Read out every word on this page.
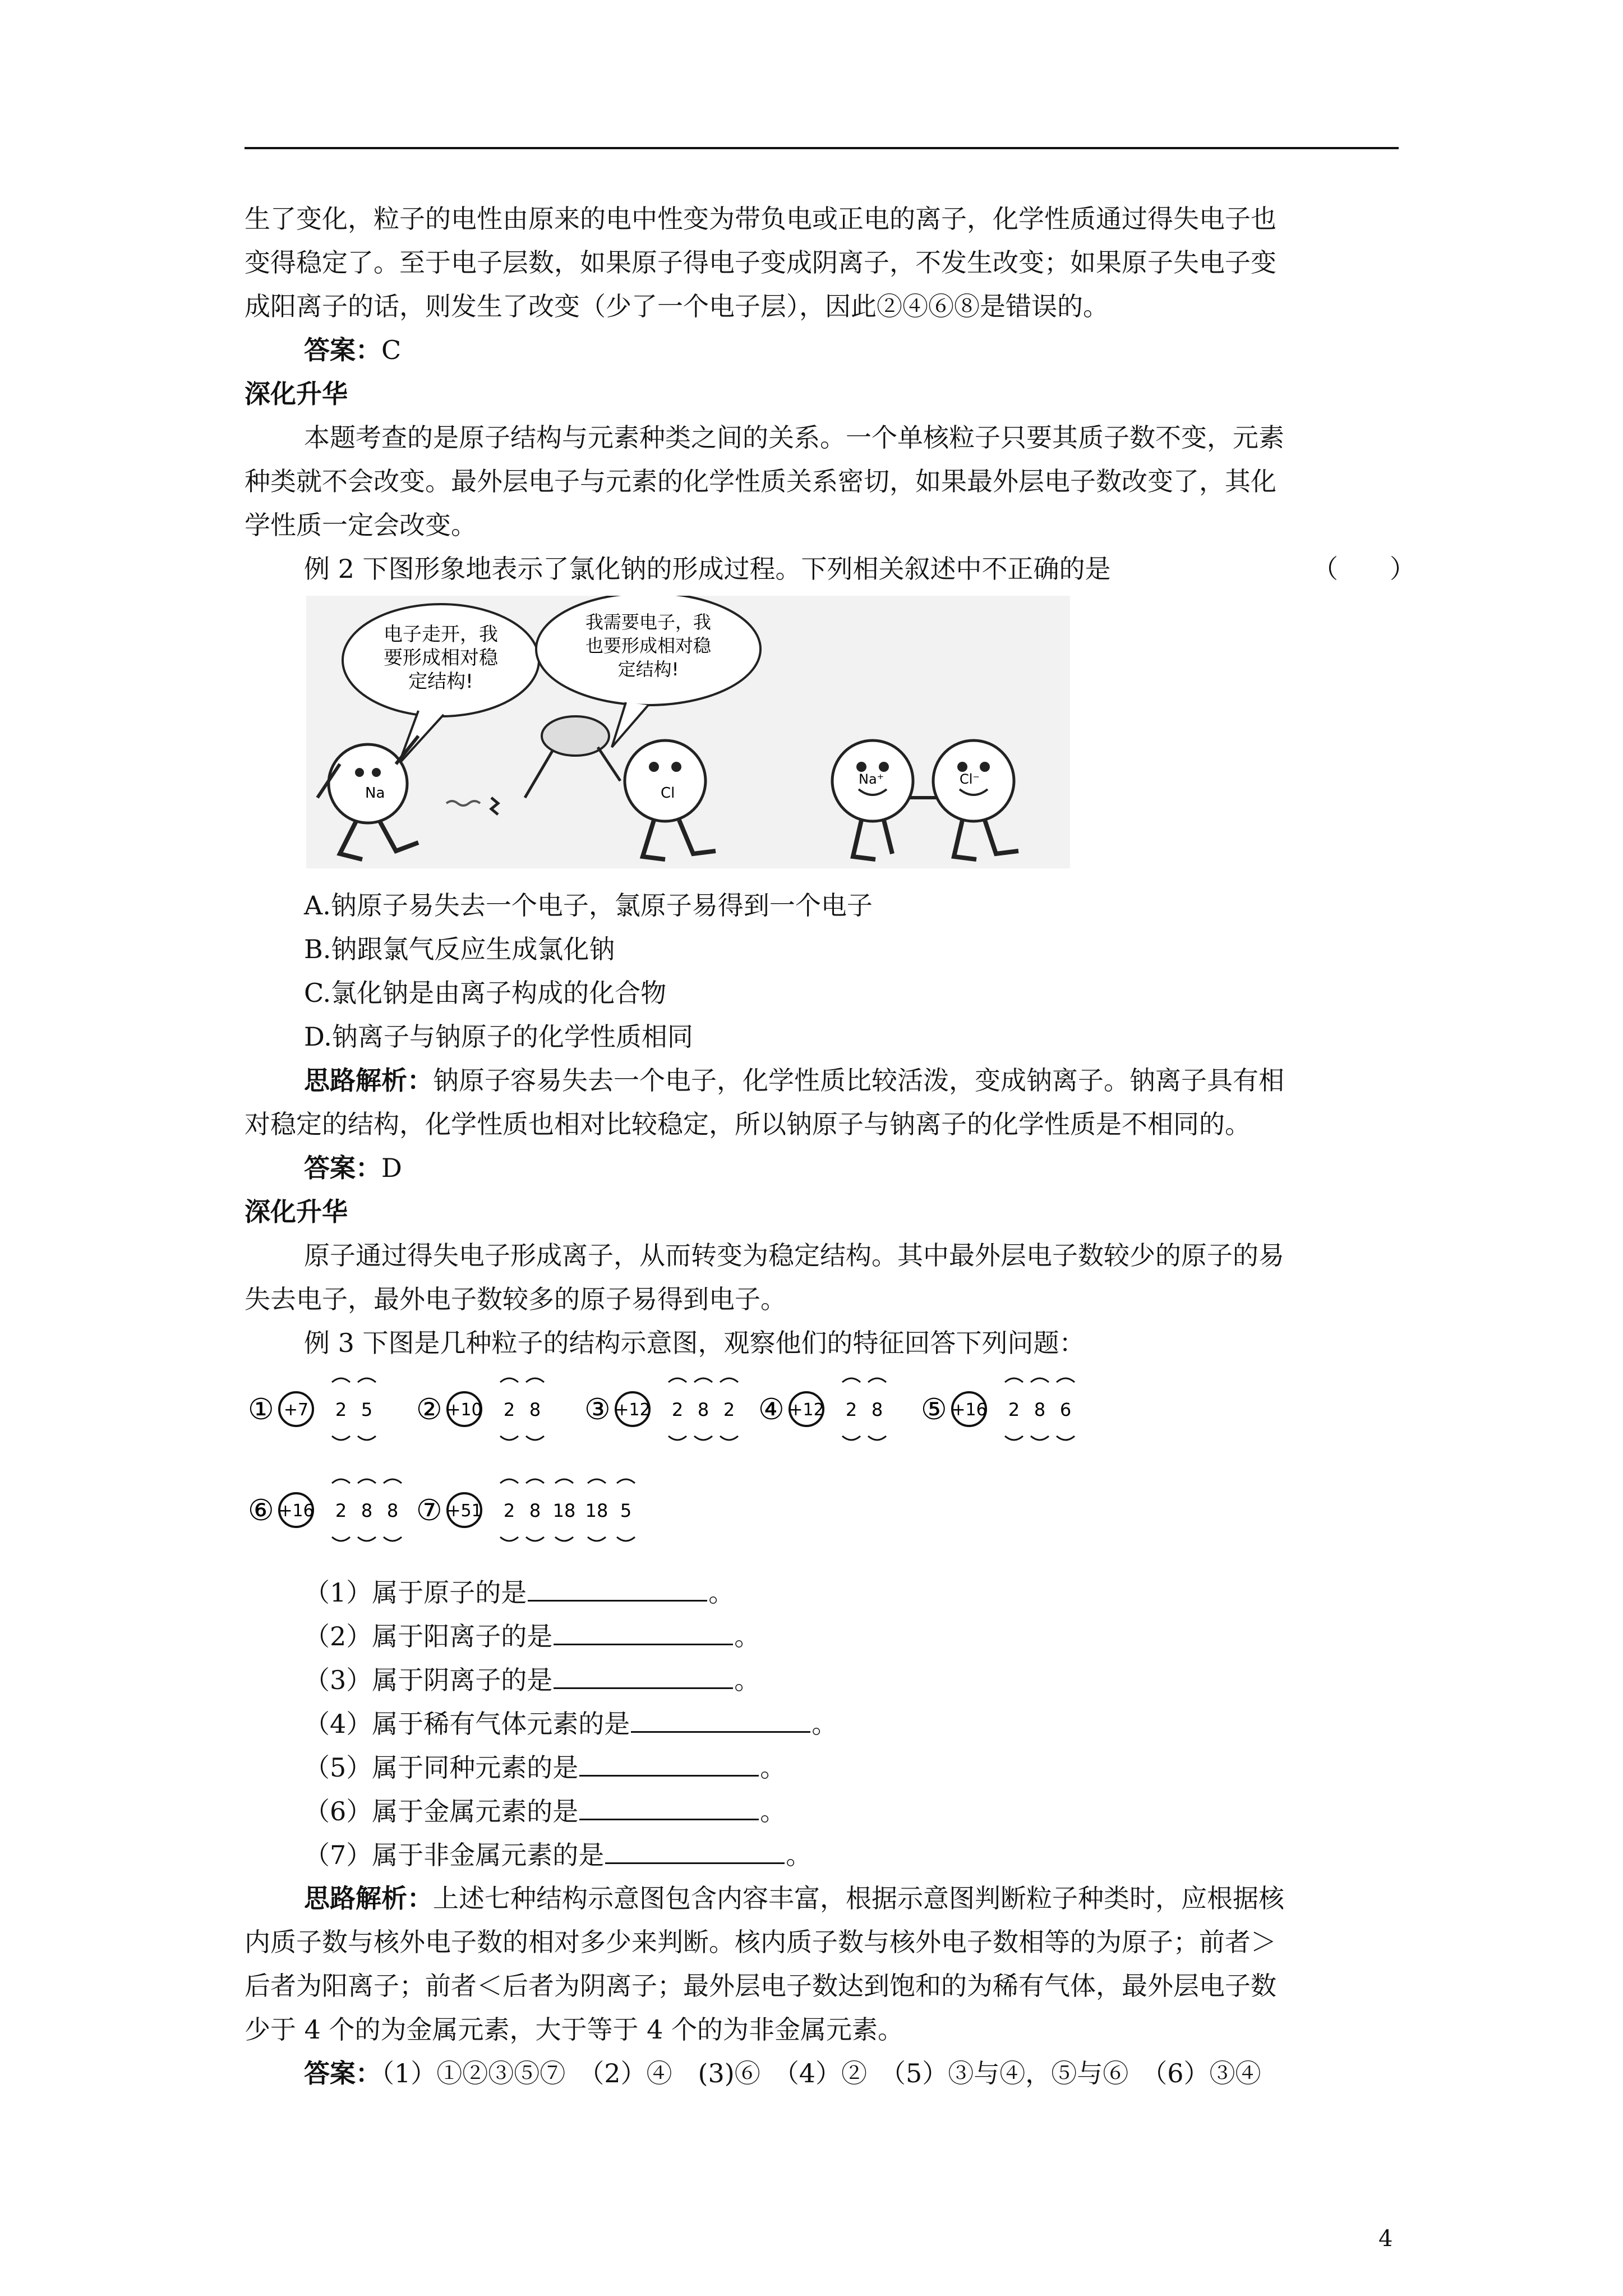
生了变化，粒子的电性由原来的电中性变为带负电或正电的离子，化学性质通过得失电子也
变得稳定了。至于电子层数，如果原子得电子变成阴离子，不发生改变；如果原子失电子变
成阳离子的话，则发生了改变（少了一个电子层），因此②④⑥⑧是错误的。
答案：C
深化升华
本题考查的是原子结构与元素种类之间的关系。一个单核粒子只要其质子数不变，元素
种类就不会改变。最外层电子与元素的化学性质关系密切，如果最外层电子数改变了，其化
学性质一定会改变。
例 2 下图形象地表示了氯化钠的形成过程。下列相关叙述中不正确的是	（　　）
电子走开，我
要形成相对稳
定结构!
我需要电子，我
也要形成相对稳
定结构!
Na	Cl
Na⁺	Cl⁻
A.钠原子易失去一个电子，氯原子易得到一个电子
B.钠跟氯气反应生成氯化钠
C.氯化钠是由离子构成的化合物
D.钠离子与钠原子的化学性质相同
思路解析：钠原子容易失去一个电子，化学性质比较活泼，变成钠离子。钠离子具有相
对稳定的结构，化学性质也相对比较稳定，所以钠原子与钠离子的化学性质是不相同的。
答案：D
深化升华
原子通过得失电子形成离子，从而转变为稳定结构。其中最外层电子数较少的原子的易
失去电子，最外电子数较多的原子易得到电子。
例 3 下图是几种粒子的结构示意图，观察他们的特征回答下列问题：
① +7 2 5 ② +10 2 8 ③ +12 2 8 2 ④ +12 2 8 ⑤ +16 2 8 6
⑥ +16 2 8 8 ⑦ +51 2 8 18 18 5
（1）属于原子的是	。
（2）属于阳离子的是	。
（3）属于阴离子的是	。
（4）属于稀有气体元素的是	。
（5）属于同种元素的是	。
（6）属于金属元素的是	。
（7）属于非金属元素的是	。
思路解析：上述七种结构示意图包含内容丰富，根据示意图判断粒子种类时，应根据核
内质子数与核外电子数的相对多少来判断。核内质子数与核外电子数相等的为原子；前者＞
后者为阳离子；前者＜后者为阴离子；最外层电子数达到饱和的为稀有气体，最外层电子数
少于 4 个的为金属元素，大于等于 4 个的为非金属元素。
答案：（1）①②③⑤⑦　（2）④　(3)⑥　（4）②　（5）③与④，⑤与⑥　（6）③④
4
